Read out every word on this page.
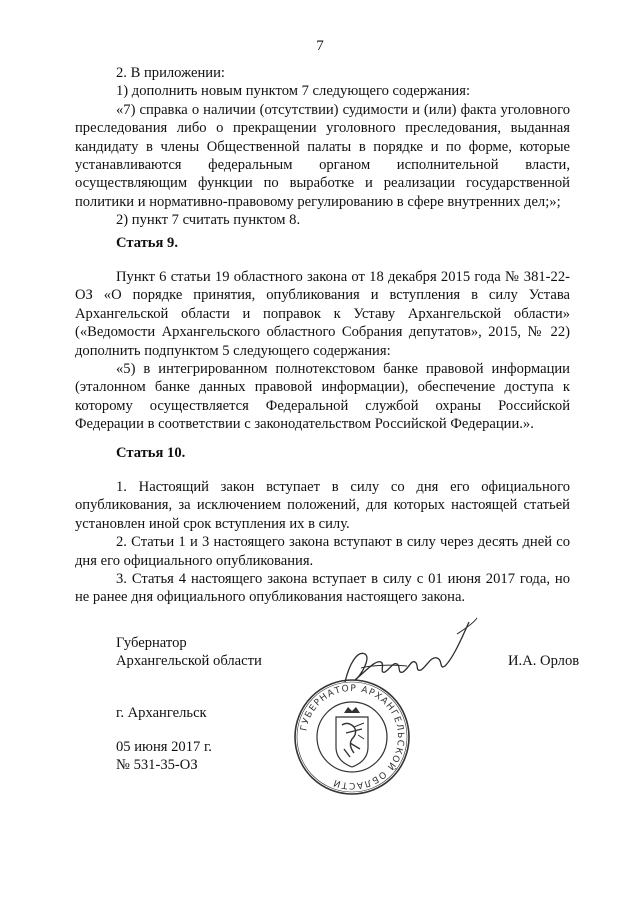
7

2. В приложении:

1) дополнить новым пунктом 7 следующего содержания:

«7) справка о наличии (отсутствии) судимости и (или) факта уголовного преследования либо о прекращении уголовного преследования, выданная кандидату в члены Общественной палаты в порядке и по форме, которые устанавливаются федеральным органом исполнительной власти, осуществляющим функции по выработке и реализации государственной политики и нормативно-правовому регулированию в сфере внутренних дел;»;

2) пункт 7 считать пунктом 8.

Статья 9.

Пункт 6 статьи 19 областного закона от 18 декабря 2015 года № 381-22-ОЗ «О порядке принятия, опубликования и вступления в силу Устава Архангельской области и поправок к Уставу Архангельской области» («Ведомости Архангельского областного Собрания депутатов», 2015, № 22) дополнить подпунктом 5 следующего содержания:

«5) в интегрированном полнотекстовом банке правовой информации (эталонном банке данных правовой информации), обеспечение доступа к которому осуществляется Федеральной службой охраны Российской Федерации в соответствии с законодательством Российской Федерации.».

Статья 10.

1. Настоящий закон вступает в силу со дня его официального опубликования, за исключением положений, для которых настоящей статьей установлен иной срок вступления их в силу.

2. Статьи 1 и 3 настоящего закона вступают в силу через десять дней со дня его официального опубликования.

3. Статья 4 настоящего закона вступает в силу с 01 июня 2017 года, но не ранее дня официального опубликования настоящего закона.

Губернатор
Архангельской области	И.А. Орлов
г. Архангельск
05 июня 2017 г.
№ 531-35-ОЗ
ГУБЕРНАТОР АРХАНГЕЛЬСКОЙ ОБЛАСТИ
